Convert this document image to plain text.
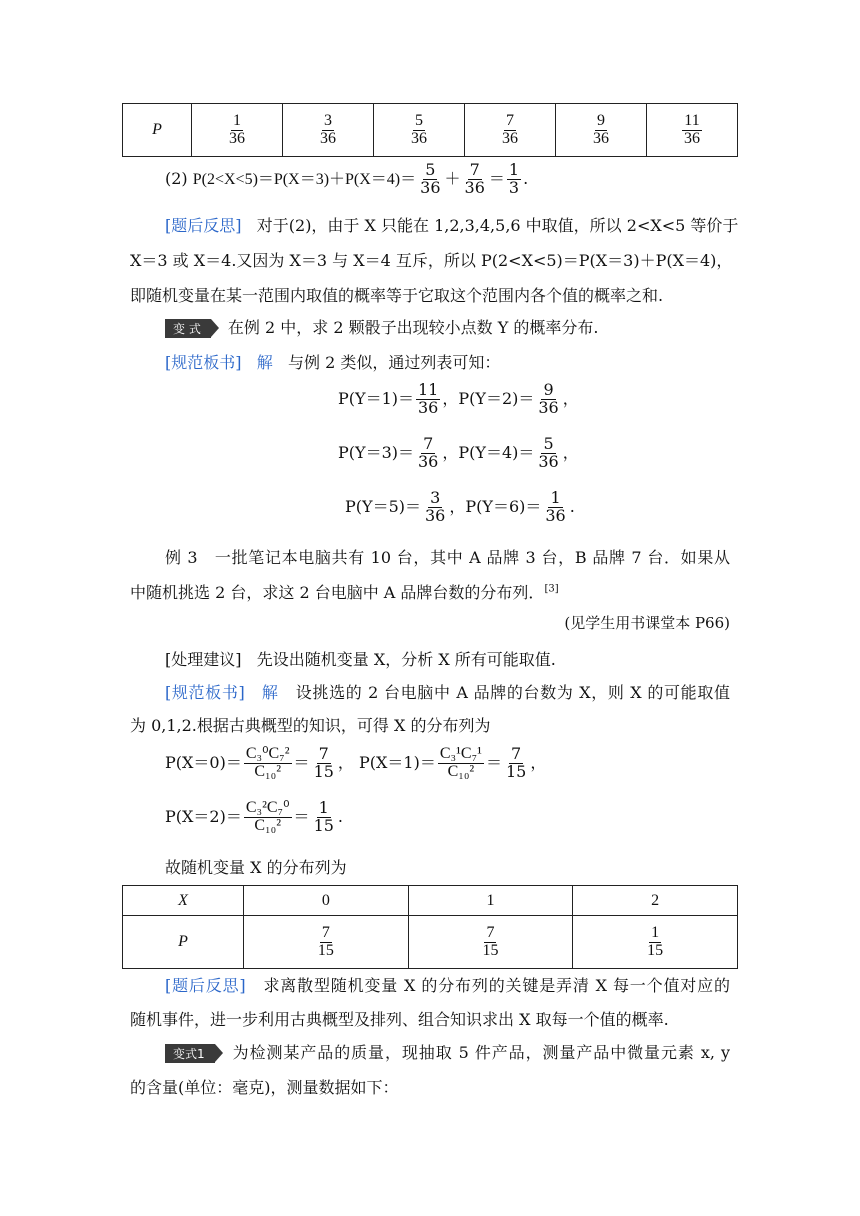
P	$\frac{1}{36}$	$\frac{3}{36}$	$\frac{5}{36}$	$\frac{7}{36}$	$\frac{9}{36}$	$\frac{11}{36}$
(2) $P(2<X<5)=P(X=3)+P(X=4)= \frac{5}{36} + \frac{7}{36} = \frac{1}{3}$ .
[题后反思] 对于(2)，由于 X 只能在 1,2,3,4,5,6 中取值，所以 2<X<5 等价于
X＝3 或 X＝4.又因为 X＝3 与 X＝4 互斥，所以 P(2<X<5)＝P(X＝3)＋P(X＝4)，
即随机变量在某一范围内取值的概率等于它取这个范围内各个值的概率之和.
变 式 在例 2 中，求 2 颗骰子出现较小点数 Y 的概率分布.
[规范板书] 解 与例 2 类似，通过列表可知：
$P(Y=1)= \frac{11}{36}$ ，$P(Y=2)= \frac{9}{36}$ ，
$P(Y=3)= \frac{7}{36}$ ，$P(Y=4)= \frac{5}{36}$ ，
$P(Y=5)= \frac{3}{36}$ ，$P(Y=6)= \frac{1}{36}$ .
例 3　一批笔记本电脑共有 10 台，其中 A 品牌 3 台，B 品牌 7 台．如果从
中随机挑选 2 台，求这 2 台电脑中 A 品牌台数的分布列．[3]
(见学生用书课堂本 P66)
[处理建议] 先设出随机变量 X，分析 X 所有可能取值.
[规范板书] 解 设挑选的 2 台电脑中 A 品牌的台数为 X，则 X 的可能取值
为 0,1,2.根据古典概型的知识，可得 X 的分布列为
$P(X=0)= \frac{\text{C₃⁰C₇²}}{\text{C₁₀²}} = \frac{7}{15}$ ， $P(X=1)= \frac{\text{C₃¹C₇¹}}{\text{C₁₀²}} = \frac{7}{15}$ ，
$P(X=2)= \frac{\text{C₃²C₇⁰}}{\text{C₁₀²}} = \frac{1}{15}$ .
故随机变量 X 的分布列为
X	0	1	2
P	$\frac{7}{15}$	$\frac{7}{15}$	$\frac{1}{15}$
[题后反思] 求离散型随机变量 X 的分布列的关键是弄清 X 每一个值对应的
随机事件，进一步利用古典概型及排列、组合知识求出 X 取每一个值的概率.
变式1 为检测某产品的质量，现抽取 5 件产品，测量产品中微量元素 x, y
的含量(单位：毫克)，测量数据如下：
